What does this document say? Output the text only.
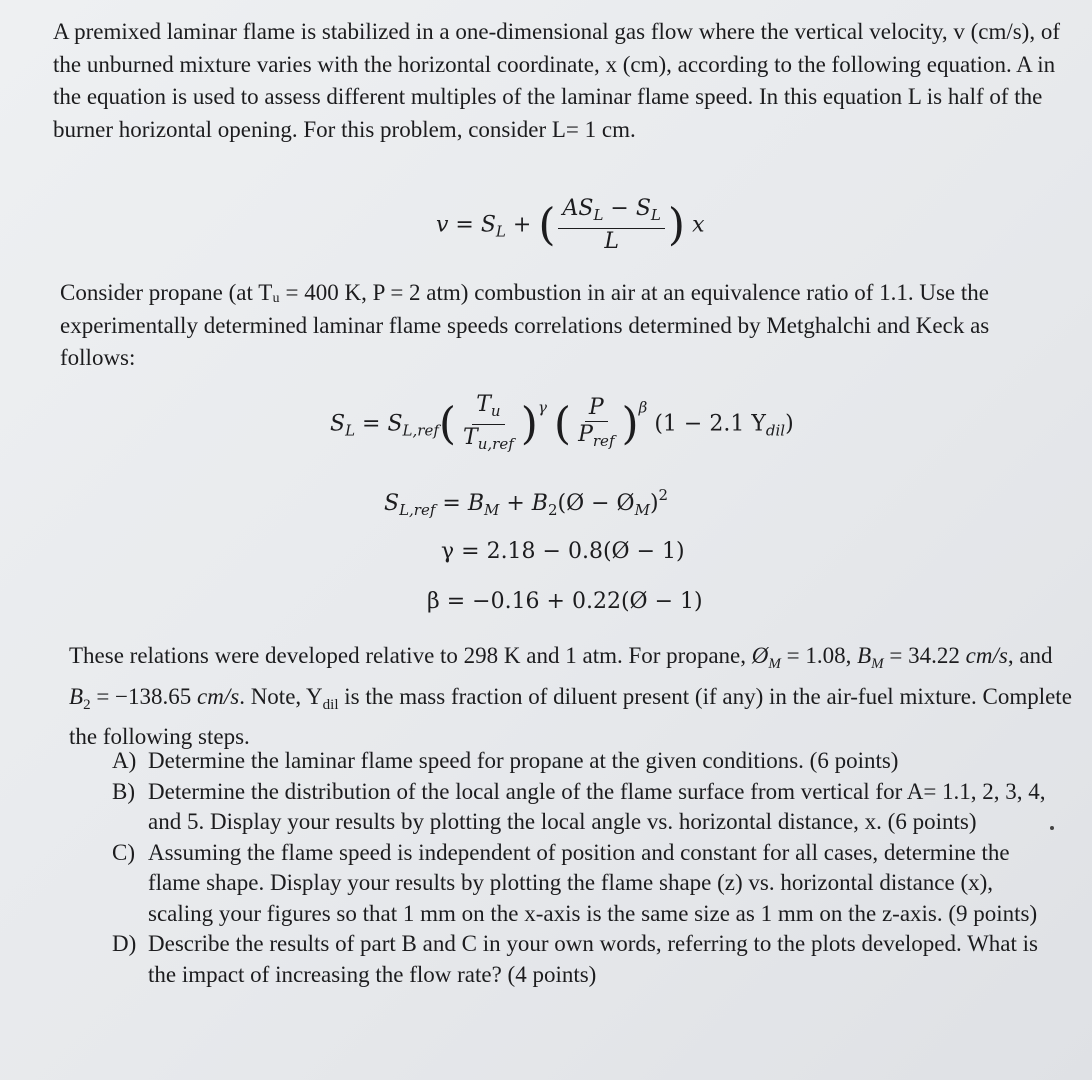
A premixed laminar flame is stabilized in a one-dimensional gas flow where the vertical velocity, v (cm/s), of the unburned mixture varies with the horizontal coordinate, x (cm), according to the following equation. A in the equation is used to assess different multiples of the laminar flame speed. In this equation L is half of the burner horizontal opening. For this problem, consider L= 1 cm.

$v = S_L$ + ( $\frac{AS_L - S_L}{L}$ ) x

Consider propane (at Tᵤ = 400 K, P = 2 atm) combustion in air at an equivalence ratio of 1.1. Use the experimentally determined laminar flame speeds correlations determined by Metghalchi and Keck as follows:

$S_L = S_{L,ref}( \frac{T_u}{T_{u,ref}} )^\gamma$ ( $\frac{P}{P_{ref}} )^\beta$ (1 − 2.1 $Y_{dil}$)
$S_{L,ref} = B_M$ + $B_2(Ø$ − $Ø_M)^2$
γ = 2.18 − 0.8(Ø − 1)
β = −0.16 + 0.22(Ø − 1)

These relations were developed relative to 298 K and 1 atm. For propane, $Ø_M = 1.08$, $B_M = 34.22$ cm/s, and $B_2 = -138.65$ cm/s. Note, $Y_{dil}$ is the mass fraction of diluent present (if any) in the air-fuel mixture. Complete the following steps.

A) Determine the laminar flame speed for propane at the given conditions. (6 points)
B) Determine the distribution of the local angle of the flame surface from vertical for A= 1.1, 2, 3, 4, and 5. Display your results by plotting the local angle vs. horizontal distance, x. (6 points)
C) Assuming the flame speed is independent of position and constant for all cases, determine the flame shape. Display your results by plotting the flame shape (z) vs. horizontal distance (x), scaling your figures so that 1 mm on the x-axis is the same size as 1 mm on the z-axis. (9 points)
D) Describe the results of part B and C in your own words, referring to the plots developed. What is the impact of increasing the flow rate? (4 points)
